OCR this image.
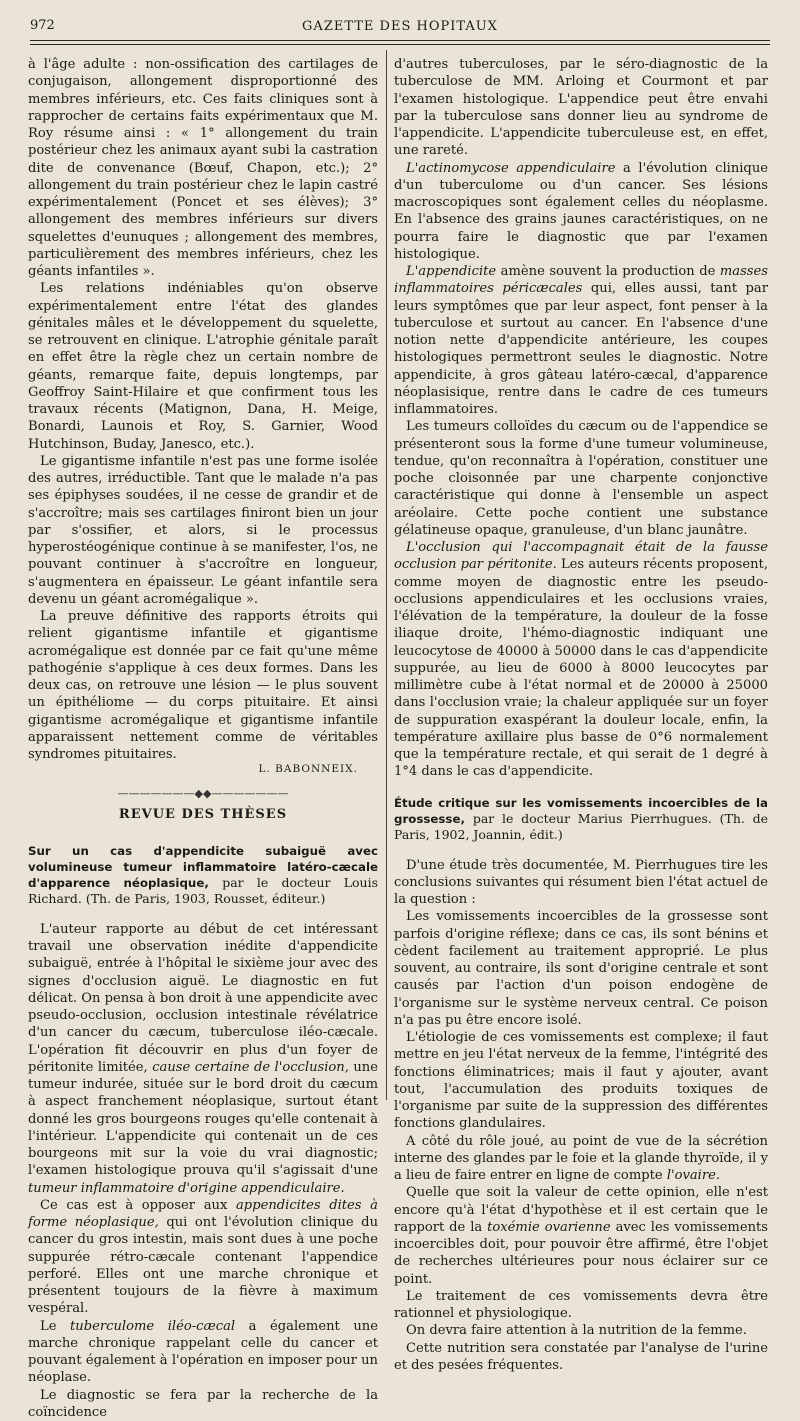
972	GAZETTE DES HOPITAUX

à l'âge adulte : non-ossification des cartilages de conjugaison, allongement disproportionné des membres inférieurs, etc. Ces faits cliniques sont à rapprocher de certains faits expérimentaux que M. Roy résume ainsi : « 1° allongement du train postérieur chez les animaux ayant subi la castration dite de convenance (Bœuf, Chapon, etc.); 2° allongement du train postérieur chez le lapin castré expérimentalement (Poncet et ses élèves); 3° allongement des membres inférieurs sur divers squelettes d'eunuques ; allongement des membres, particulièrement des membres inférieurs, chez les géants infantiles ».

Les relations indéniables qu'on observe expérimentalement entre l'état des glandes génitales mâles et le développement du squelette, se retrouvent en clinique. L'atrophie génitale paraît en effet être la règle chez un certain nombre de géants, remarque faite, depuis longtemps, par Geoffroy Saint-Hilaire et que confirment tous les travaux récents (Matignon, Dana, H. Meige, Bonardi, Launois et Roy, S. Garnier, Wood Hutchinson, Buday, Janesco, etc.).

Le gigantisme infantile n'est pas une forme isolée des autres, irréductible. Tant que le malade n'a pas ses épiphyses soudées, il ne cesse de grandir et de s'accroître; mais ses cartilages finiront bien un jour par s'ossifier, et alors, si le processus hyperostéogénique continue à se manifester, l'os, ne pouvant continuer à s'accroître en longueur, s'augmentera en épaisseur. Le géant infantile sera devenu un géant acromégalique ».

La preuve définitive des rapports étroits qui relient gigantisme infantile et gigantisme acromégalique est donnée par ce fait qu'une même pathogénie s'applique à ces deux formes. Dans les deux cas, on retrouve une lésion — le plus souvent un épithéliome — du corps pituitaire. Et ainsi gigantisme acromégalique et gigantisme infantile apparaissent nettement comme de véritables syndromes pituitaires.

L. BABONNEIX.
———————◆◆———————
REVUE DES THÈSES

Sur un cas d'appendicite subaiguë avec volumineuse tumeur inflammatoire latéro-cæcale d'apparence néoplasique, par le docteur Louis Richard. (Th. de Paris, 1903, Rousset, éditeur.)

L'auteur rapporte au début de cet intéressant travail une observation inédite d'appendicite subaiguë, entrée à l'hôpital le sixième jour avec des signes d'occlusion aiguë. Le diagnostic en fut délicat. On pensa à bon droit à une appendicite avec pseudo-occlusion, occlusion intestinale révélatrice d'un cancer du cæcum, tuberculose iléo-cæcale. L'opération fit découvrir en plus d'un foyer de péritonite limitée, cause certaine de l'occlusion, une tumeur indurée, située sur le bord droit du cæcum à aspect franchement néoplasique, surtout étant donné les gros bourgeons rouges qu'elle contenait à l'intérieur. L'appendicite qui contenait un de ces bourgeons mit sur la voie du vrai diagnostic; l'examen histologique prouva qu'il s'agissait d'une tumeur inflammatoire d'origine appendiculaire.

Ce cas est à opposer aux appendicites dites à forme néoplasique, qui ont l'évolution clinique du cancer du gros intestin, mais sont dues à une poche suppurée rétro-cæcale contenant l'appendice perforé. Elles ont une marche chronique et présentent toujours de la fièvre à maximum vespéral.

Le tuberculome iléo-cæcal a également une marche chronique rappelant celle du cancer et pouvant également à l'opération en imposer pour un néoplase.

Le diagnostic se fera par la recherche de la coïncidence

d'autres tuberculoses, par le séro-diagnostic de la tuberculose de MM. Arloing et Courmont et par l'examen histologique. L'appendice peut être envahi par la tuberculose sans donner lieu au syndrome de l'appendicite. L'appendicite tuberculeuse est, en effet, une rareté.

L'actinomycose appendiculaire a l'évolution clinique d'un tuberculome ou d'un cancer. Ses lésions macroscopiques sont également celles du néoplasme. En l'absence des grains jaunes caractéristiques, on ne pourra faire le diagnostic que par l'examen histologique.

L'appendicite amène souvent la production de masses inflammatoires péricæcales qui, elles aussi, tant par leurs symptômes que par leur aspect, font penser à la tuberculose et surtout au cancer. En l'absence d'une notion nette d'appendicite antérieure, les coupes histologiques permettront seules le diagnostic. Notre appendicite, à gros gâteau latéro-cæcal, d'apparence néoplasisique, rentre dans le cadre de ces tumeurs inflammatoires.

Les tumeurs colloïdes du cæcum ou de l'appendice se présenteront sous la forme d'une tumeur volumineuse, tendue, qu'on reconnaîtra à l'opération, constituer une poche cloisonnée par une charpente conjonctive caractéristique qui donne à l'ensemble un aspect aréolaire. Cette poche contient une substance gélatineuse opaque, granuleuse, d'un blanc jaunâtre.

L'occlusion qui l'accompagnait était de la fausse occlusion par péritonite. Les auteurs récents proposent, comme moyen de diagnostic entre les pseudo-occlusions appendiculaires et les occlusions vraies, l'élévation de la température, la douleur de la fosse iliaque droite, l'hémo-diagnostic indiquant une leucocytose de 40000 à 50000 dans le cas d'appendicite suppurée, au lieu de 6000 à 8000 leucocytes par millimètre cube à l'état normal et de 20000 à 25000 dans l'occlusion vraie; la chaleur appliquée sur un foyer de suppuration exaspérant la douleur locale, enfin, la température axillaire plus basse de 0°6 normalement que la température rectale, et qui serait de 1 degré à 1°4 dans le cas d'appendicite.

Étude critique sur les vomissements incoercibles de la grossesse, par le docteur Marius Pierrhugues. (Th. de Paris, 1902, Joannin, édit.)

D'une étude très documentée, M. Pierrhugues tire les conclusions suivantes qui résument bien l'état actuel de la question :

Les vomissements incoercibles de la grossesse sont parfois d'origine réflexe; dans ce cas, ils sont bénins et cèdent facilement au traitement approprié. Le plus souvent, au contraire, ils sont d'origine centrale et sont causés par l'action d'un poison endogène de l'organisme sur le système nerveux central. Ce poison n'a pas pu être encore isolé.

L'étiologie de ces vomissements est complexe; il faut mettre en jeu l'état nerveux de la femme, l'intégrité des fonctions éliminatrices; mais il faut y ajouter, avant tout, l'accumulation des produits toxiques de l'organisme par suite de la suppression des différentes fonctions glandulaires.

A côté du rôle joué, au point de vue de la sécrétion interne des glandes par le foie et la glande thyroïde, il y a lieu de faire entrer en ligne de compte l'ovaire.

Quelle que soit la valeur de cette opinion, elle n'est encore qu'à l'état d'hypothèse et il est certain que le rapport de la toxémie ovarienne avec les vomissements incoercibles doit, pour pouvoir être affirmé, être l'objet de recherches ultérieures pour nous éclairer sur ce point.

Le traitement de ces vomissements devra être rationnel et physiologique.

On devra faire attention à la nutrition de la femme.

Cette nutrition sera constatée par l'analyse de l'urine et des pesées fréquentes.
